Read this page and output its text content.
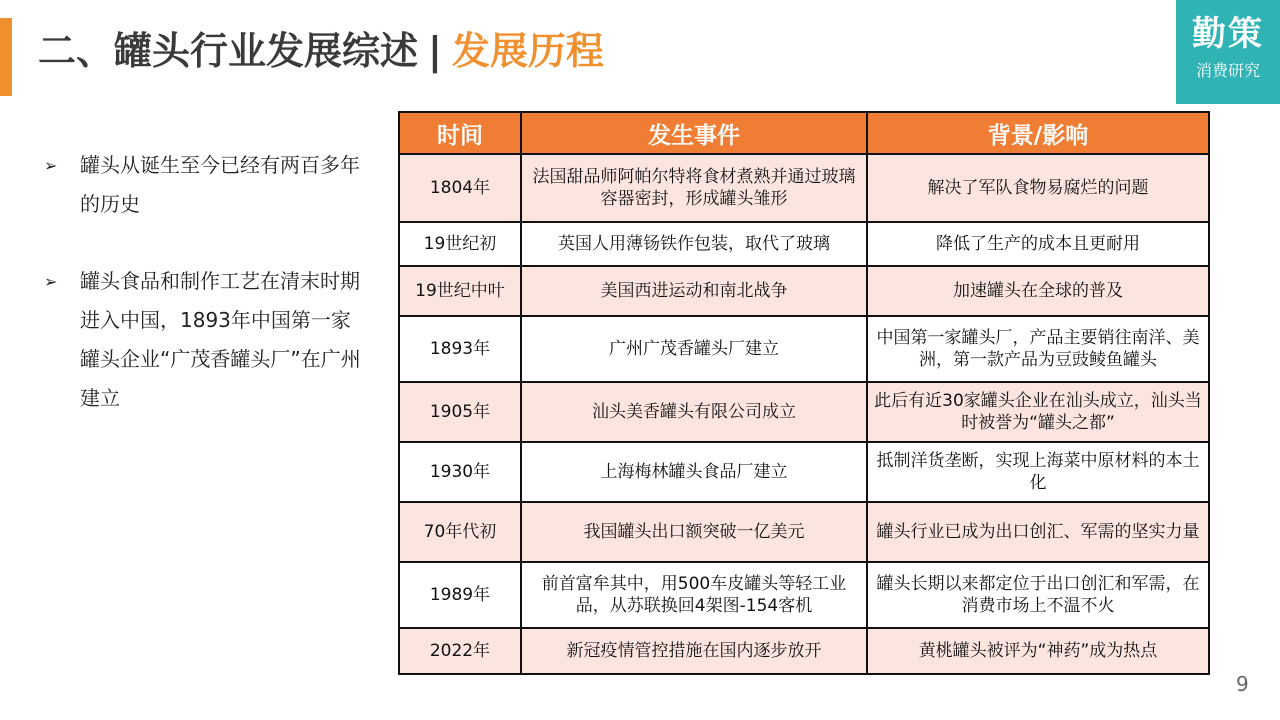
二、罐头行业发展综述 | 发展历程	勤策
消费研究
➢ 罐头从诞生至今已经有两百多年的历史
➢ 罐头食品和制作工艺在清末时期进入中国，1893年中国第一家罐头企业“广茂香罐头厂”在广州建立
时间	发生事件	背景/影响
1804年	法国甜品师阿帕尔特将食材煮熟并通过玻璃容器密封，形成罐头雏形	解决了军队食物易腐烂的问题
19世纪初	英国人用薄钖铁作包装，取代了玻璃	降低了生产的成本且更耐用
19世纪中叶	美国西进运动和南北战争	加速罐头在全球的普及
1893年	广州广茂香罐头厂建立	中国第一家罐头厂，产品主要销往南洋、美洲，第一款产品为豆豉鲮鱼罐头
1905年	汕头美香罐头有限公司成立	此后有近30家罐头企业在汕头成立，汕头当时被誉为“罐头之都”
1930年	上海梅林罐头食品厂建立	抵制洋货垄断，实现上海菜中原材料的本土化
70年代初	我国罐头出口额突破一亿美元	罐头行业已成为出口创汇、军需的坚实力量
1989年	前首富牟其中，用500车皮罐头等轻工业品，从苏联换回4架图-154客机	罐头长期以来都定位于出口创汇和军需，在消费市场上不温不火
2022年	新冠疫情管控措施在国内逐步放开	黄桃罐头被评为“神药”成为热点
9
